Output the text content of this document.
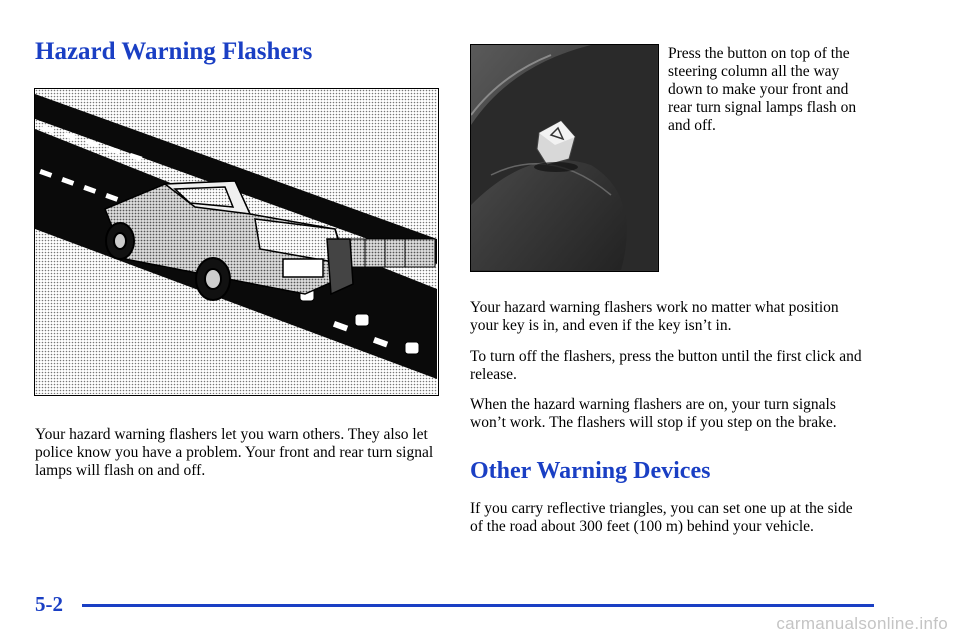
Hazard Warning Flashers	Press the button on top of the steering column all the way down to make your front and rear turn signal lamps flash on and off.

Your hazard warning flashers let you warn others. They also let police know you have a problem. Your front and rear turn signal lamps will flash on and off.

Your hazard warning flashers work no matter what position your key is in, and even if the key isn’t in.

To turn off the flashers, press the button until the first click and release.

When the hazard warning flashers are on, your turn signals won’t work. The flashers will stop if you step on the brake.

Other Warning Devices

If you carry reflective triangles, you can set one up at the side of the road about 300 feet (100 m) behind your vehicle.

5-2
carmanualsonline.info
